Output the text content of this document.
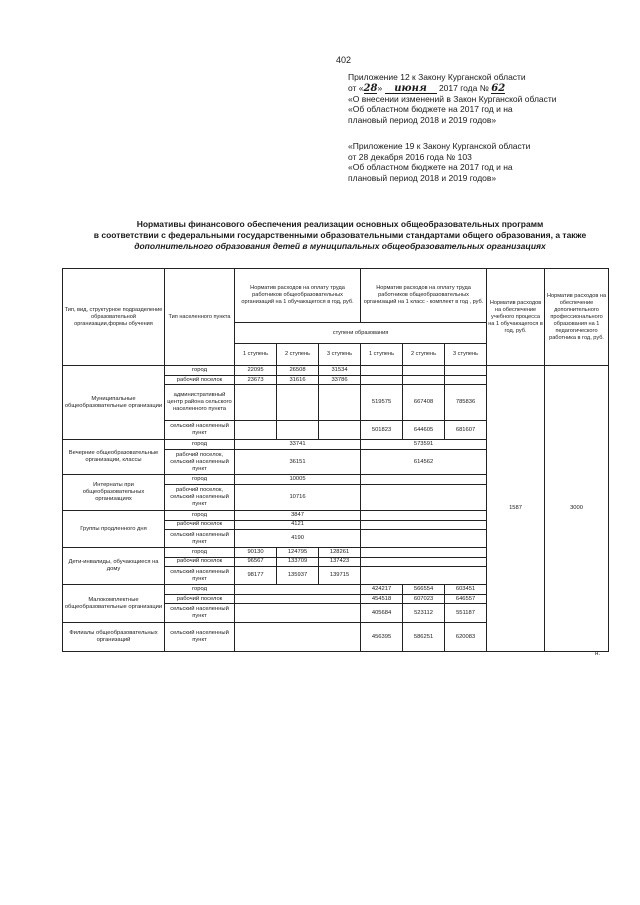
402
Приложение 12 к Закону Курганской области
от «28» июня 2017 года № 62
«О внесении изменений в Закон Курганской области
«Об областном бюджете на 2017 год и на
плановый период 2018 и 2019 годов»
«Приложение 19 к Закону Курганской области
от 28 декабря 2016 года № 103
«Об областном бюджете на 2017 год и на
плановый период 2018 и 2019 годов»
Нормативы финансового обеспечения реализации основных общеобразовательных программ
в соответствии с федеральными государственными образовательными стандартами общего образования, а также
дополнительного образования детей в муниципальных общеобразовательных организациях
Тип, вид, структурное подразделение образовательной организации,формы обучения	Тип населенного пункта	Норматив расходов на оплату труда работников общеобразовательных организаций на 1 обучающегося в год, руб.			Норматив расходов на оплату труда работников общеобразовательных организаций на 1 класс - комплект в год , руб.			Норматив расходов на обеспечение учебного процесса на 1 обучающегося в год, руб.	Норматив расходов на обеспечение дополнительного профессионального образования на 1 педагогического работника в год, руб.
		ступени образования							
		1 ступень	2 ступень	3 ступень	1 ступень	2 ступень	3 ступень		
Муниципальные общеобразовательные организации	город	22095	26508	31534				1587	3000
	рабочий поселок	23673	31616	33786					
	административный центр района сельского населенного пункта				519575	667408	785836		
	сельский населенный пункт				501823	644605	681607		
Вечерние общеобразовательные организации, классы	город	33741			573591				
	рабочий поселок, сельский населенный пункт	36151			614562				
Интернаты при общеобразовательных организациях	город	10005							
	рабочий поселок, сельский населенный пункт	10716							
Группы продленного дня	город	3847							
	рабочий поселок	4121							
	сельский населенный пункт	4190							
Дети-инвалиды, обучающиеся на дому	город	90130	124795	128261					
	рабочий поселок	96567	133709	137423					
	сельский населенный пункт	98177	135937	139715					
Малокомплектные общеобразовательные организации	город				424217	566554	603451		
	рабочий поселок				454518	607023	646557		
	сельский населенный пункт				405684	523112	551187		
Филиалы общеобразовательных организаций	сельский населенный пункт				456395	586251	620083		
н.
